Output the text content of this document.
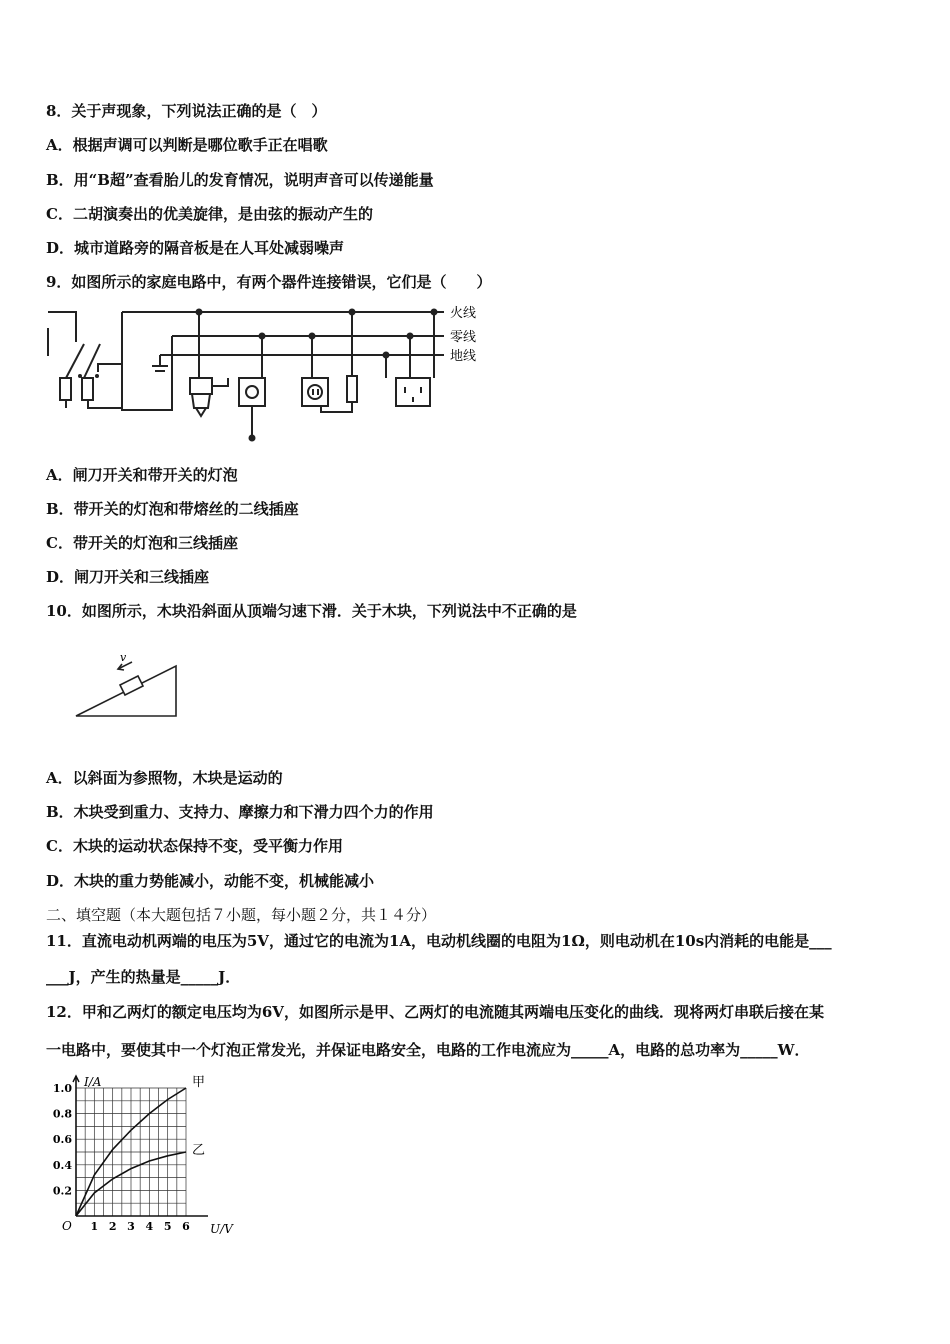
8．关于声现象，下列说法正确的是（　）
A．根据声调可以判断是哪位歌手正在唱歌
B．用“B超”查看胎儿的发育情况，说明声音可以传递能量
C．二胡演奏出的优美旋律，是由弦的振动产生的
D．城市道路旁的隔音板是在人耳处减弱噪声
9．如图所示的家庭电路中，有两个器件连接错误，它们是（　　）
火线
零线
地线
A．闸刀开关和带开关的灯泡
B．带开关的灯泡和带熔丝的二线插座
C．带开关的灯泡和三线插座
D．闸刀开关和三线插座
10．如图所示，木块沿斜面从顶端匀速下滑．关于木块，下列说法中不正确的是
v
A．以斜面为参照物，木块是运动的
B．木块受到重力、支持力、摩擦力和下滑力四个力的作用
C．木块的运动状态保持不变，受平衡力作用
D．木块的重力势能减小，动能不变，机械能减小
二、填空题（本大题包括７小题，每小题２分，共１４分）
11．直流电动机两端的电压为5V，通过它的电流为1A，电动机线圈的电阻为1Ω，则电动机在10s内消耗的电能是___
___J，产生的热量是_____J．
12．甲和乙两灯的额定电压均为6V，如图所示是甲、乙两灯的电流随其两端电压变化的曲线．现将两灯串联后接在某
一电路中，要使其中一个灯泡正常发光，并保证电路安全，电路的工作电流应为_____A，电路的总功率为_____W．
1 2 3 4 5 6
0.2
0.4
0.6
0.8
1.0
O
I/A
U/V
甲
乙
